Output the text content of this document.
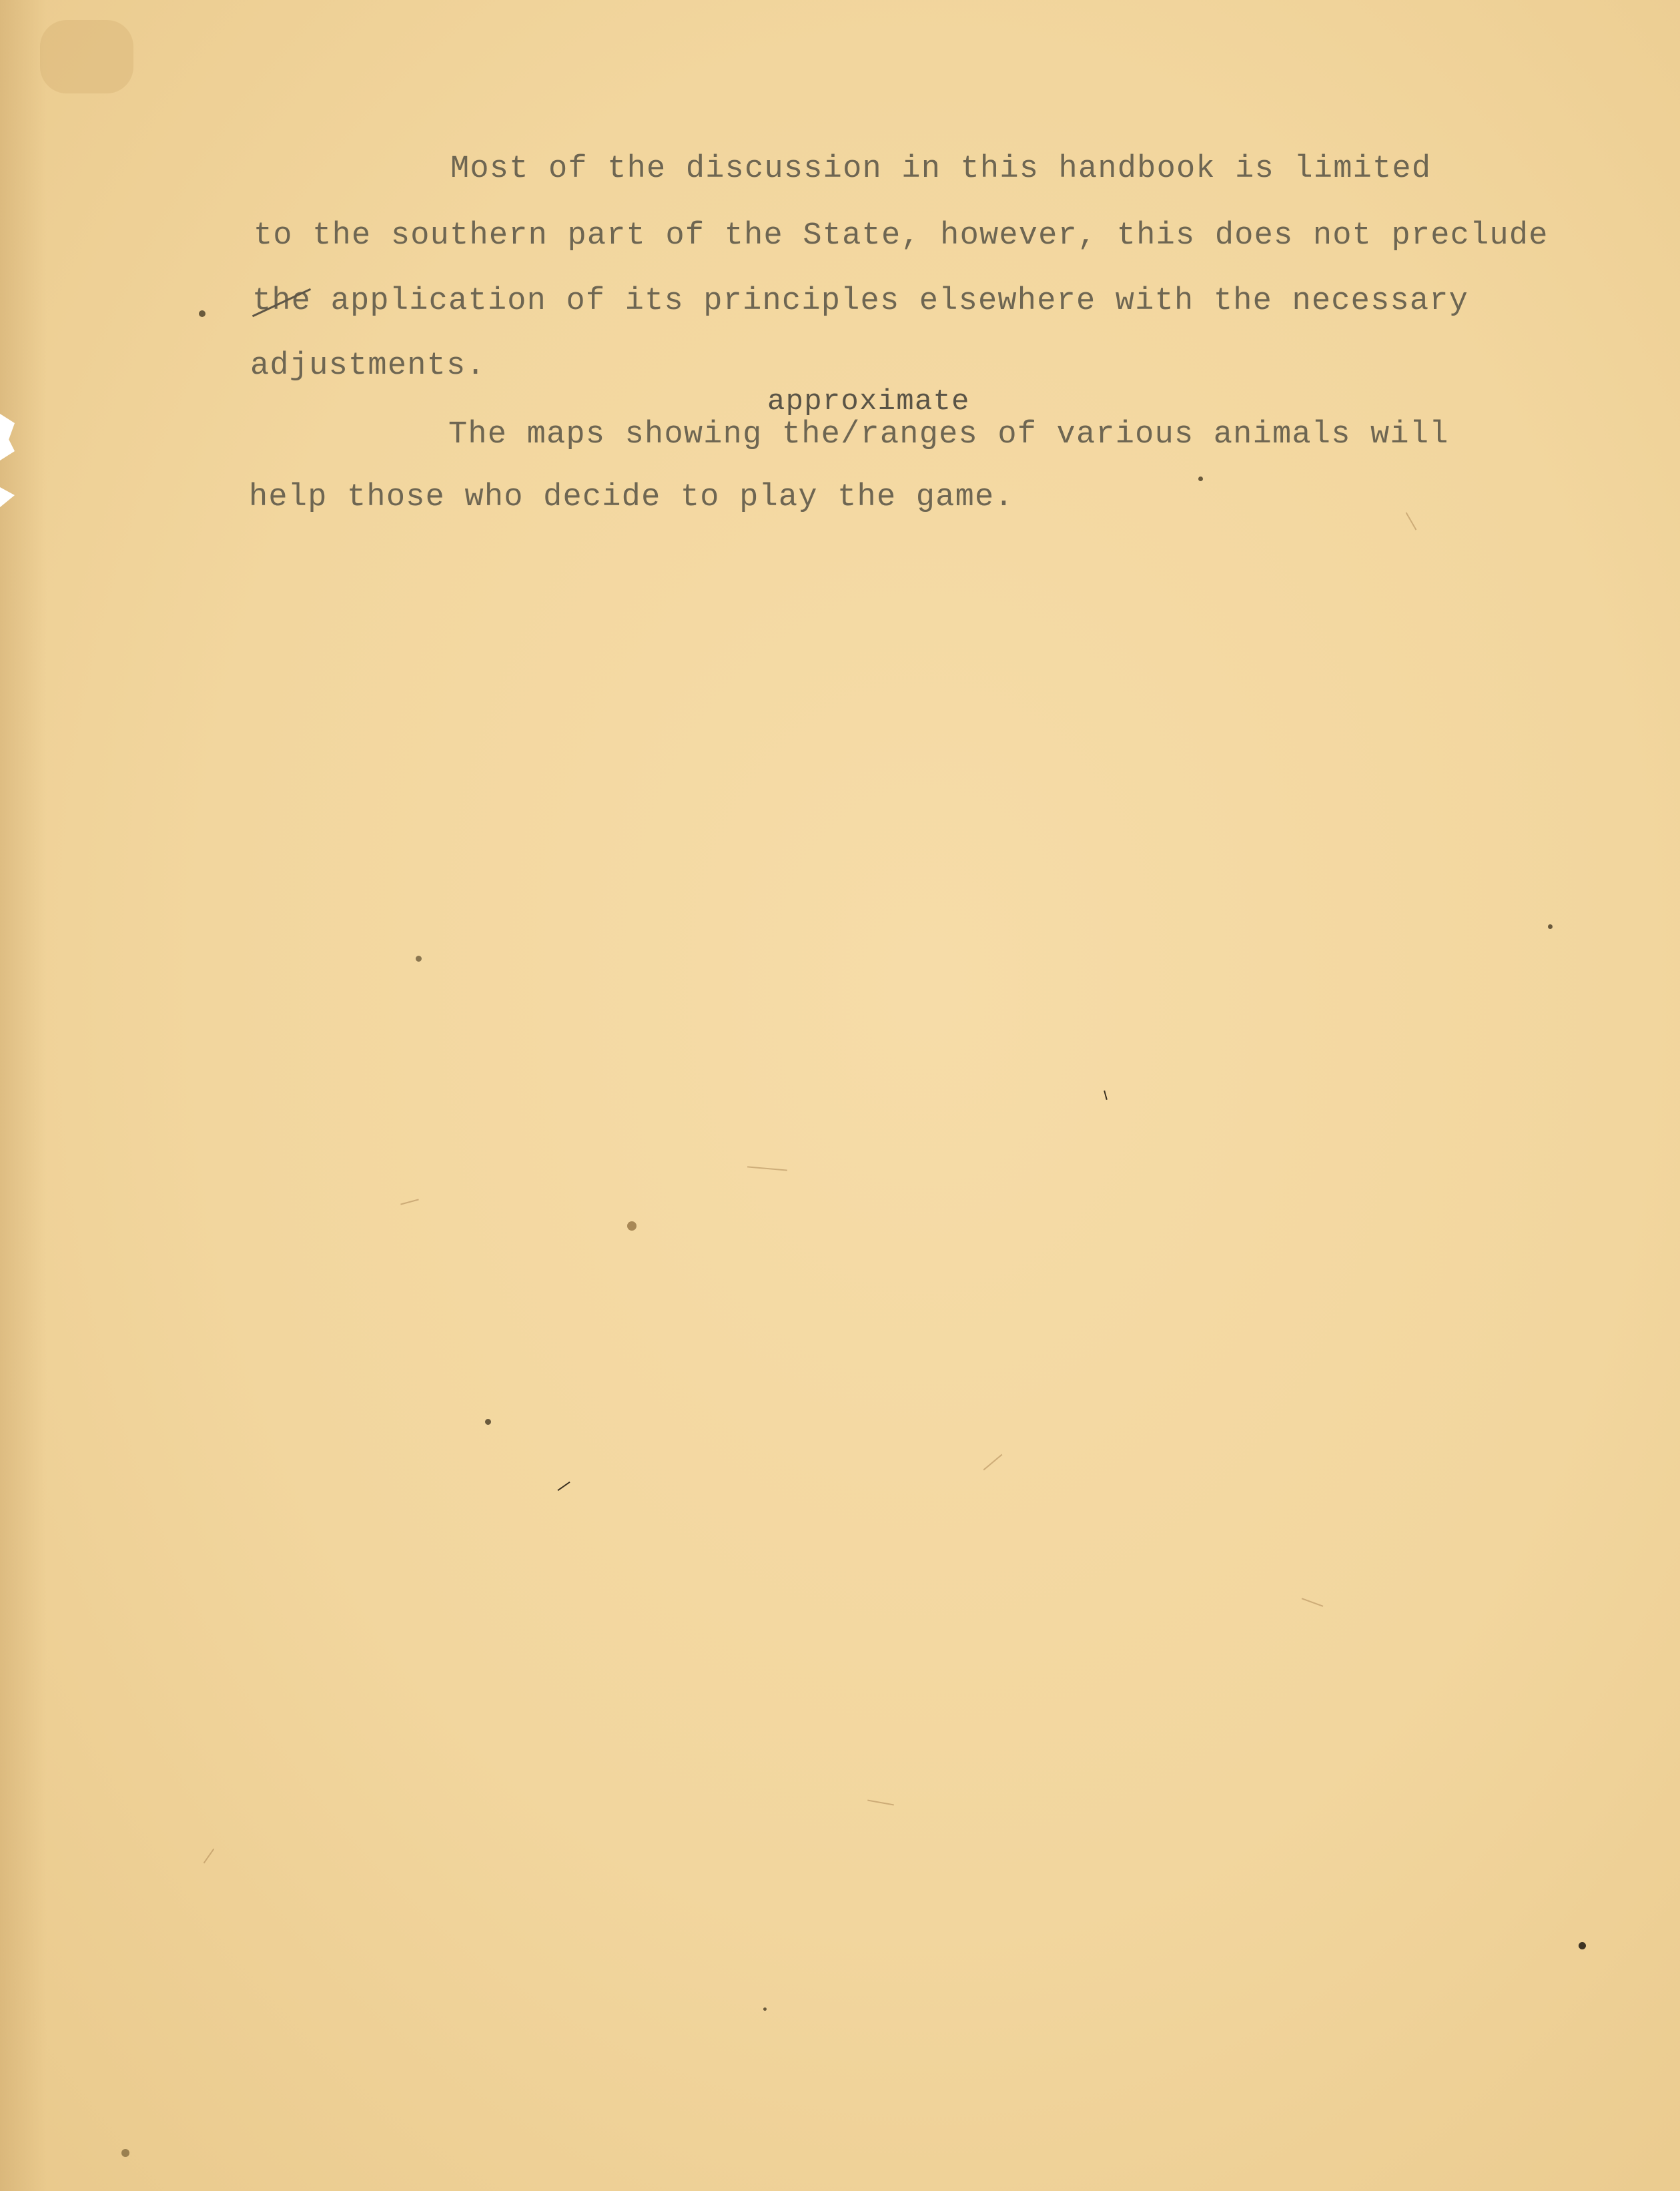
Most of the discussion in this handbook is limited
to the southern part of the State, however, this does not preclude
the application of its principles elsewhere with the necessary
adjustments.
approximate
The maps showing the/ranges of various animals will
help those who decide to play the game.
